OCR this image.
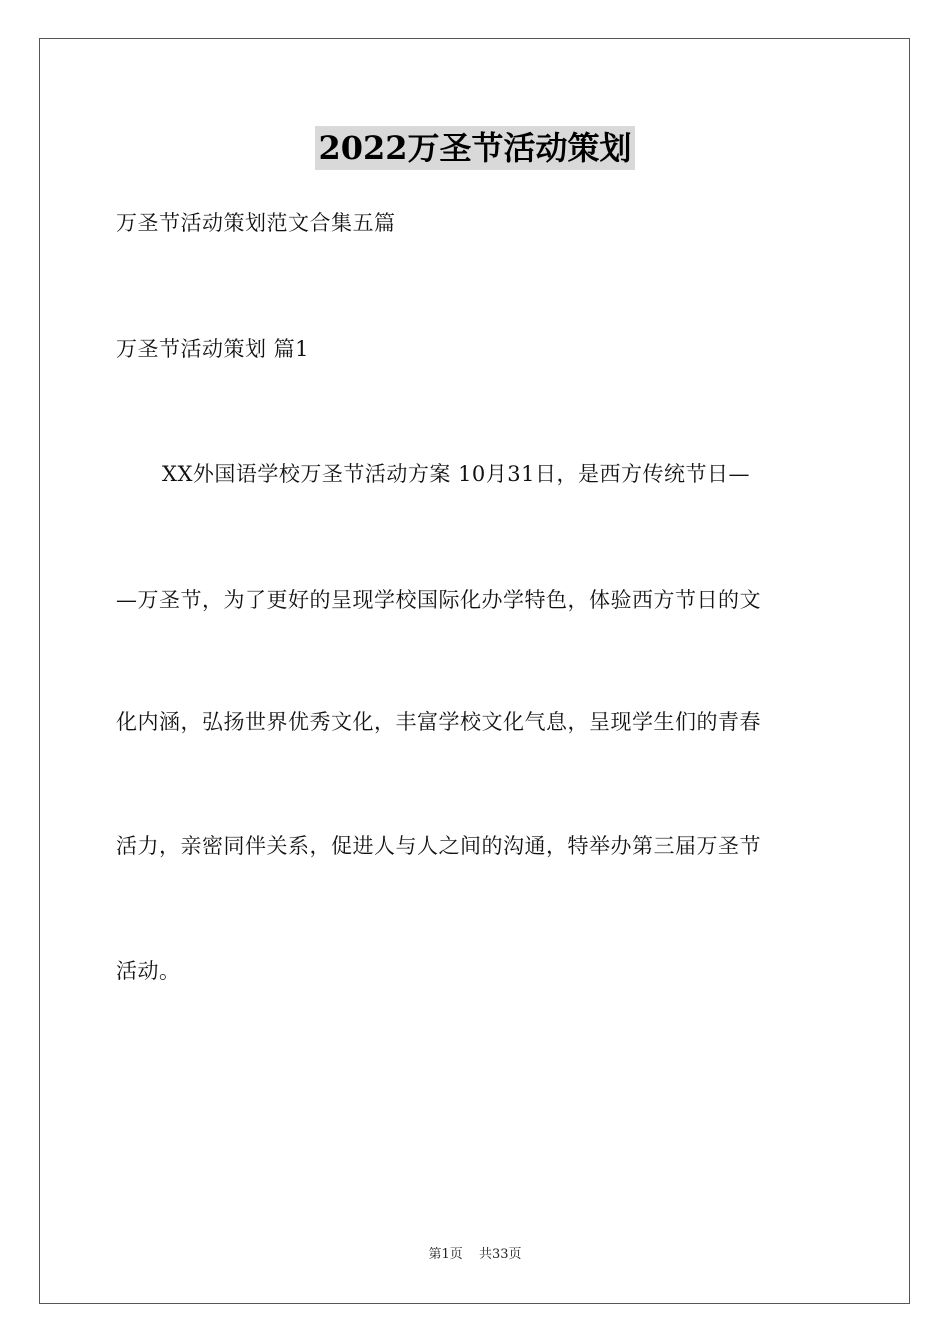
2022万圣节活动策划
万圣节活动策划范文合集五篇
万圣节活动策划 篇1
XX外国语学校万圣节活动方案 10月31日，是西方传统节日—
—万圣节，为了更好的呈现学校国际化办学特色，体验西方节日的文
化内涵，弘扬世界优秀文化，丰富学校文化气息，呈现学生们的青春
活力，亲密同伴关系，促进人与人之间的沟通，特举办第三届万圣节
活动。
第1页 共33页
